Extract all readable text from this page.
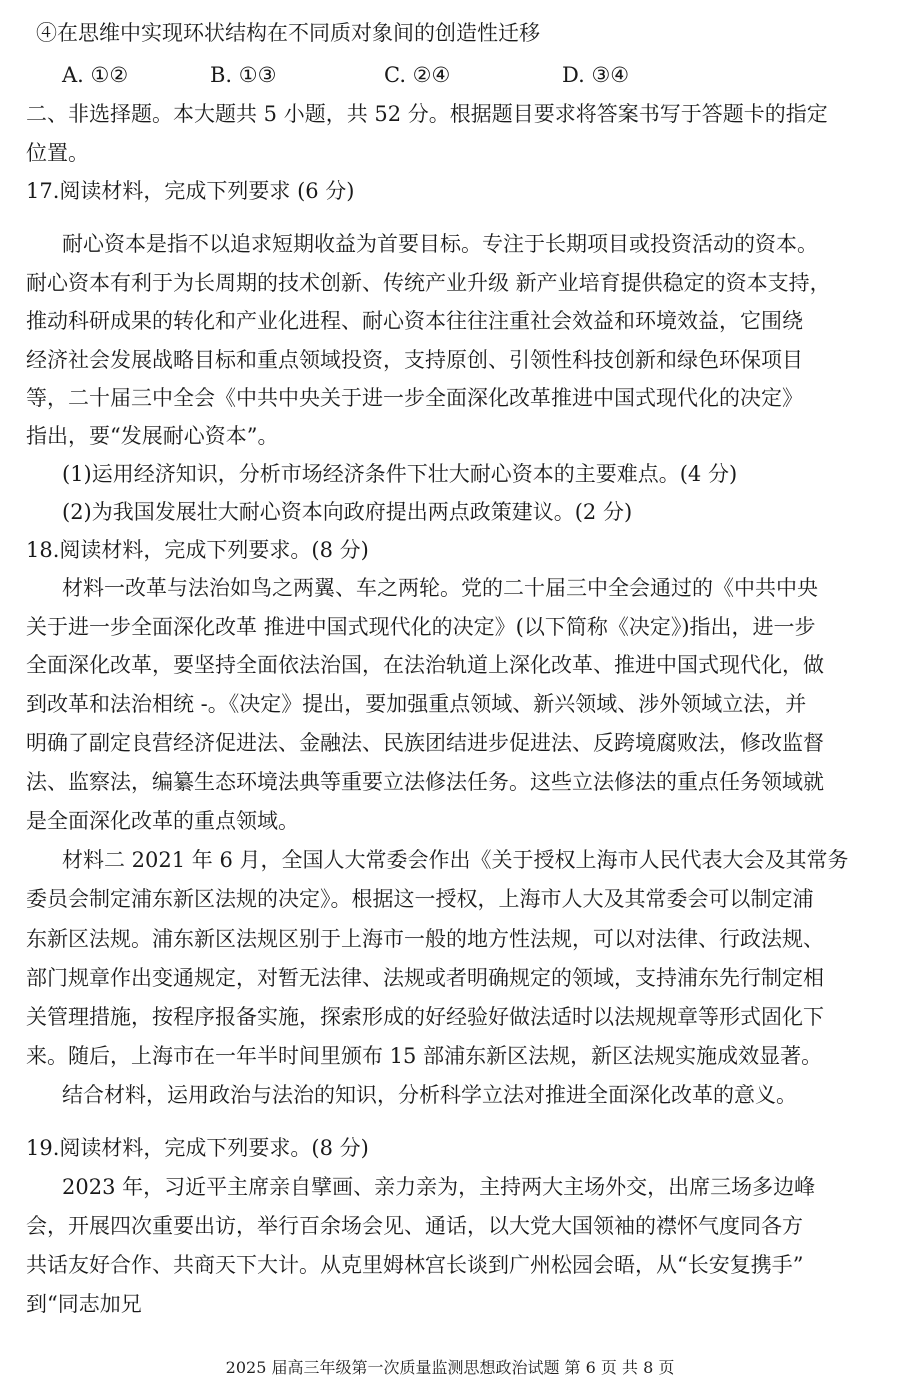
④在思维中实现环状结构在不同质对象间的创造性迁移
A. ①②	B. ①③	C. ②④	D. ③④
二、非选择题。本大题共 5 小题，共 52 分。根据题目要求将答案书写于答题卡的指定
位置。
17.阅读材料，完成下列要求 (6 分)
耐心资本是指不以追求短期收益为首要目标。专注于长期项目或投资活动的资本。
耐心资本有利于为长周期的技术创新、传统产业升级 新产业培育提供稳定的资本支持，
推动科研成果的转化和产业化进程、耐心资本往往注重社会效益和环境效益，它围绕
经济社会发展战略目标和重点领域投资，支持原创、引领性科技创新和绿色环保项目
等，二十届三中全会《中共中央关于进一步全面深化改革推进中国式现代化的决定》
指出，要“发展耐心资本”。
(1)运用经济知识，分析市场经济条件下壮大耐心资本的主要难点。(4 分)
(2)为我国发展壮大耐心资本向政府提出两点政策建议。(2 分)
18.阅读材料，完成下列要求。(8 分)
材料一改革与法治如鸟之两翼、车之两轮。党的二十届三中全会通过的《中共中央
关于进一步全面深化改革 推进中国式现代化的决定》(以下简称《决定》)指出，进一步
全面深化改革，要坚持全面依法治国，在法治轨道上深化改革、推进中国式现代化，做
到改革和法治相统 -。《决定》提出，要加强重点领域、新兴领域、涉外领域立法，并
明确了副定良营经济促进法、金融法、民族团结进步促进法、反跨境腐败法，修改监督
法、监察法，编纂生态环境法典等重要立法修法任务。这些立法修法的重点任务领域就
是全面深化改革的重点领域。
材料二 2021 年 6 月，全国人大常委会作出《关于授权上海市人民代表大会及其常务
委员会制定浦东新区法规的决定》。根据这一授权，上海市人大及其常委会可以制定浦
东新区法规。浦东新区法规区别于上海市一般的地方性法规，可以对法律、行政法规、
部门规章作出变通规定，对暂无法律、法规或者明确规定的领域，支持浦东先行制定相
关管理措施，按程序报备实施，探索形成的好经验好做法适时以法规规章等形式固化下
来。随后，上海市在一年半时间里颁布 15 部浦东新区法规，新区法规实施成效显著。
结合材料，运用政治与法治的知识，分析科学立法对推进全面深化改革的意义。
19.阅读材料，完成下列要求。(8 分)
2023 年，习近平主席亲自擘画、亲力亲为，主持两大主场外交，出席三场多边峰
会，开展四次重要出访，举行百余场会见、通话，以大党大国领袖的襟怀气度同各方
共话友好合作、共商天下大计。从克里姆林宫长谈到广州松园会晤，从“长安复携手”
到“同志加兄
2025 届高三年级第一次质量监测思想政治试题 第 6 页 共 8 页
